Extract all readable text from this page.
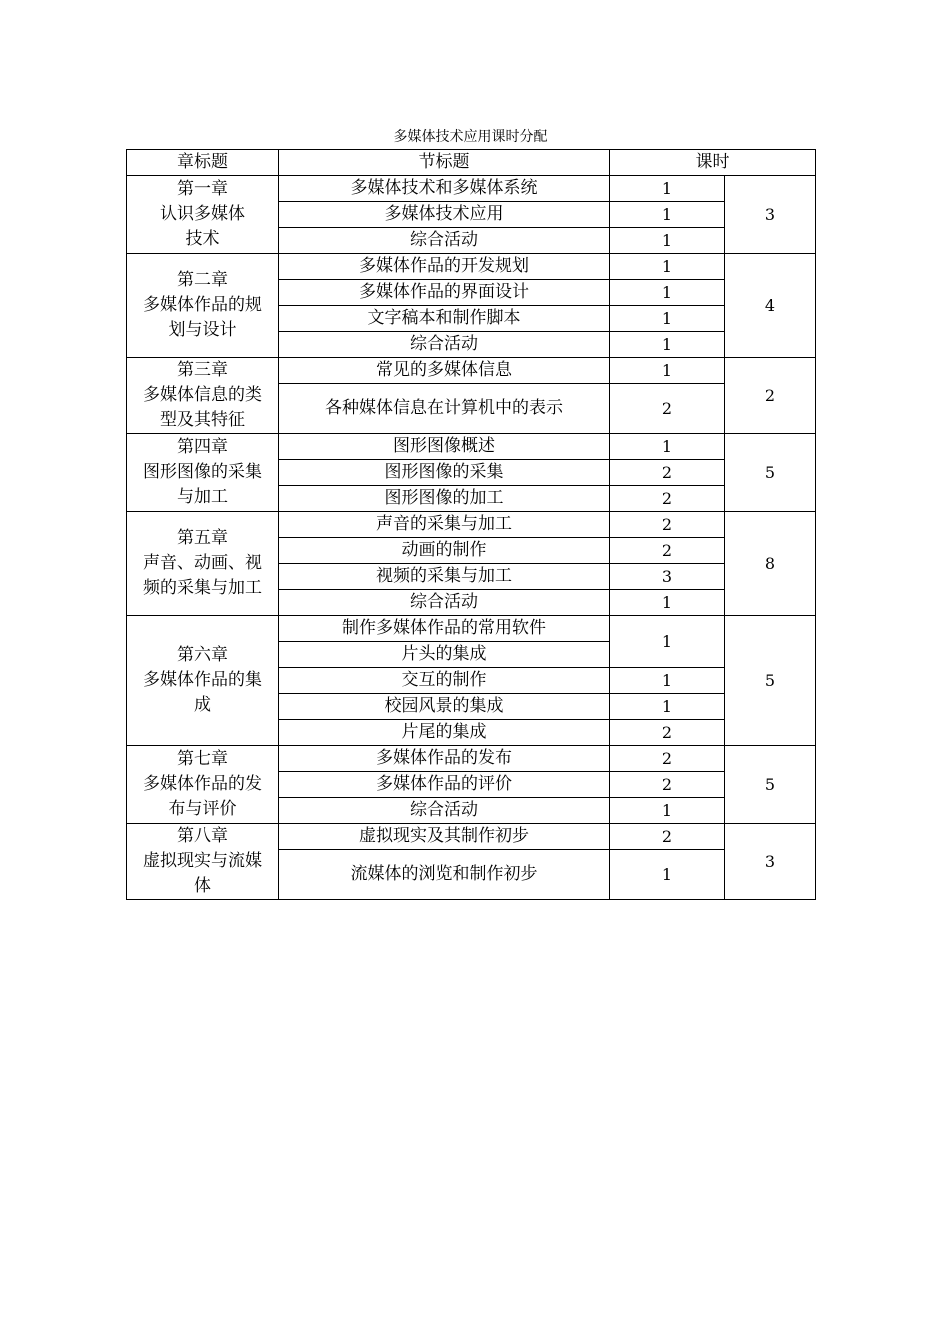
多媒体技术应用课时分配
章标题	节标题	课时	

第一章
认识多媒体
技术	多媒体技术和多媒体系统	1	3
	多媒体技术应用	1	
	综合活动	1	

第二章
多媒体作品的规
划与设计	多媒体作品的开发规划	1	4
	多媒体作品的界面设计	1	
	文字稿本和制作脚本	1	
	综合活动	1	

第三章
多媒体信息的类
型及其特征	常见的多媒体信息	1	2
	各种媒体信息在计算机中的表示	2	

第四章
图形图像的采集
与加工	图形图像概述	1	5
	图形图像的采集	2	
	图形图像的加工	2	

第五章
声音、动画、视
频的采集与加工	声音的采集与加工	2	8
	动画的制作	2	
	视频的采集与加工	3	
	综合活动	1	

第六章
多媒体作品的集
成	制作多媒体作品的常用软件	1	5
	片头的集成		
	交互的制作	1	
	校园风景的集成	1	
	片尾的集成	2	

第七章
多媒体作品的发
布与评价	多媒体作品的发布	2	5
	多媒体作品的评价	2	
	综合活动	1	

第八章
虚拟现实与流媒
体	虚拟现实及其制作初步	2	3
	流媒体的浏览和制作初步	1	
